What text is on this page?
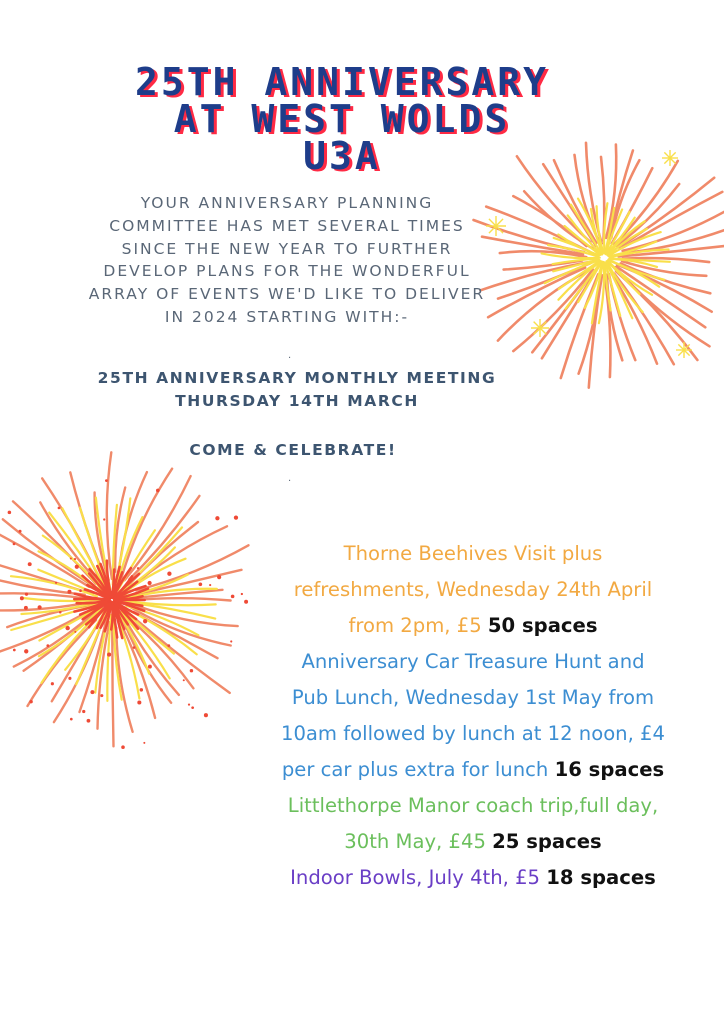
25TH ANNIVERSARY
AT WEST WOLDS
U3A
YOUR ANNIVERSARY PLANNING
COMMITTEE HAS MET SEVERAL TIMES
SINCE THE NEW YEAR TO FURTHER
DEVELOP PLANS FOR THE WONDERFUL
ARRAY OF EVENTS WE'D LIKE TO DELIVER
IN 2024 STARTING WITH:-
.
25TH ANNIVERSARY MONTHLY MEETING
THURSDAY 14TH MARCH
COME & CELEBRATE!
.
Thorne Beehives Visit plus
refreshments, Wednesday 24th April
from 2pm, £5 50 spaces
Anniversary Car Treasure Hunt and
Pub Lunch, Wednesday 1st May from
10am followed by lunch at 12 noon, £4
per car plus extra for lunch 16 spaces
Littlethorpe Manor coach trip,full day,
30th May, £45 25 spaces
Indoor Bowls, July 4th, £5 18 spaces
